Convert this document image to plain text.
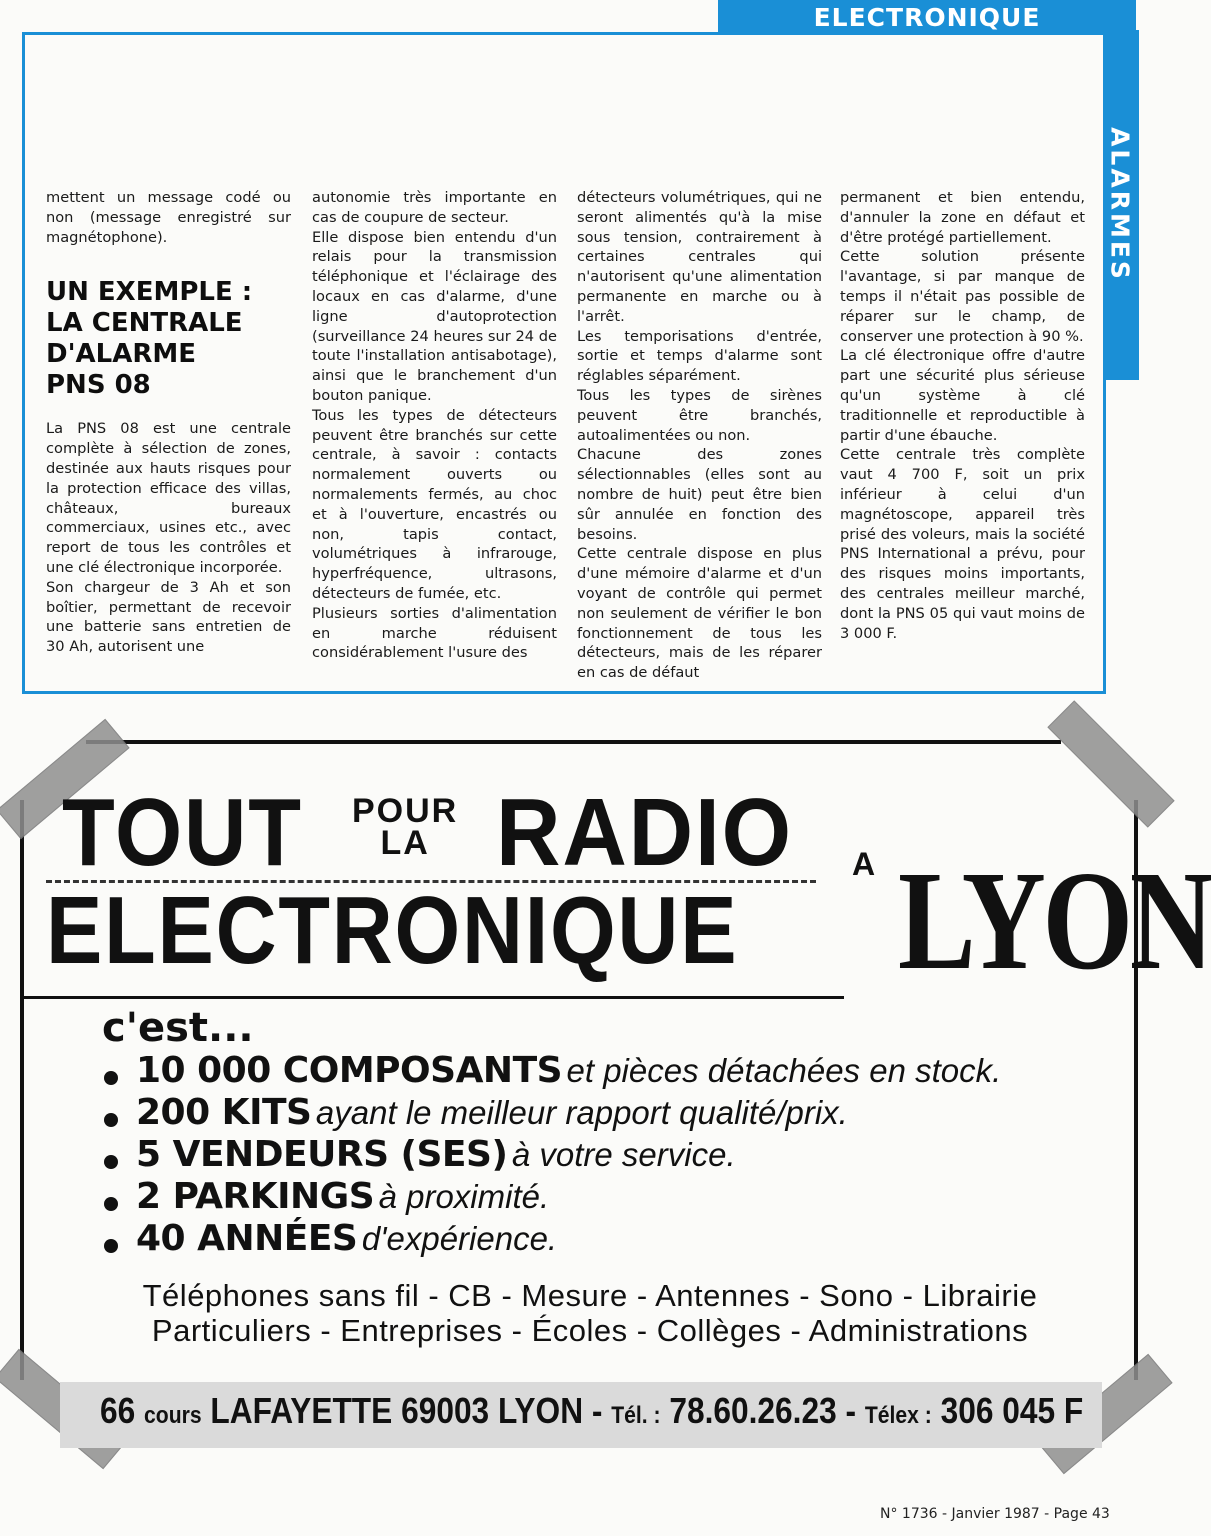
ELECTRONIQUE
ALARMES

mettent un message codé ou non (message enregistré sur magnétophone).

UN EXEMPLE :
LA CENTRALE
D'ALARME
PNS 08

La PNS 08 est une centrale complète à sélection de zones, destinée aux hauts risques pour la protection efficace des villas, châteaux, bureaux commerciaux, usines etc., avec report de tous les contrôles et une clé électronique incorporée.

Son chargeur de 3 Ah et son boîtier, permettant de recevoir une batterie sans entretien de 30 Ah, autorisent une

autonomie très importante en cas de coupure de secteur.

Elle dispose bien entendu d'un relais pour la transmission téléphonique et l'éclairage des locaux en cas d'alarme, d'une ligne d'autoprotection (surveillance 24 heures sur 24 de toute l'installation antisabotage), ainsi que le branchement d'un bouton panique.

Tous les types de détecteurs peuvent être branchés sur cette centrale, à savoir : contacts normalement ouverts ou normalements fermés, au choc et à l'ouverture, encastrés ou non, tapis contact, volumétriques à infrarouge, hyperfréquence, ultrasons, détecteurs de fumée, etc.

Plusieurs sorties d'alimentation en marche réduisent considérablement l'usure des

détecteurs volumétriques, qui ne seront alimentés qu'à la mise sous tension, contrairement à certaines centrales qui n'autorisent qu'une alimentation permanente en marche ou à l'arrêt.

Les temporisations d'entrée, sortie et temps d'alarme sont réglables séparément.

Tous les types de sirènes peuvent être branchés, autoalimentées ou non.

Chacune des zones sélectionnables (elles sont au nombre de huit) peut être bien sûr annulée en fonction des besoins.

Cette centrale dispose en plus d'une mémoire d'alarme et d'un voyant de contrôle qui permet non seulement de vérifier le bon fonctionnement de tous les détecteurs, mais de les réparer en cas de défaut

permanent et bien entendu, d'annuler la zone en défaut et d'être protégé partiellement.

Cette solution présente l'avantage, si par manque de temps il n'était pas possible de réparer sur le champ, de conserver une protection à 90 %.

La clé électronique offre d'autre part une sécurité plus sérieuse qu'un système à clé traditionnelle et reproductible à partir d'une ébauche.

Cette centrale très complète vaut 4 700 F, soit un prix inférieur à celui d'un magnétoscope, appareil très prisé des voleurs, mais la société PNS International a prévu, pour des risques moins importants, des centrales meilleur marché, dont la PNS 05 qui vaut moins de 3 000 F.

TOUT POUR
LA RADIO A
ELECTRONIQUE LYON
c'est...
10 000 COMPOSANTS et pièces détachées en stock.
200 KITS ayant le meilleur rapport qualité/prix.
5 VENDEURS (SES) à votre service.
2 PARKINGS à proximité.
40 ANNÉES d'expérience.
Téléphones sans fil - CB - Mesure - Antennes - Sono - Librairie
Particuliers - Entreprises - Écoles - Collèges - Administrations
66 cours LAFAYETTE 69003 LYON - Tél. : 78.60.26.23 - Télex : 306 045 F
N° 1736 - Janvier 1987 - Page 43
